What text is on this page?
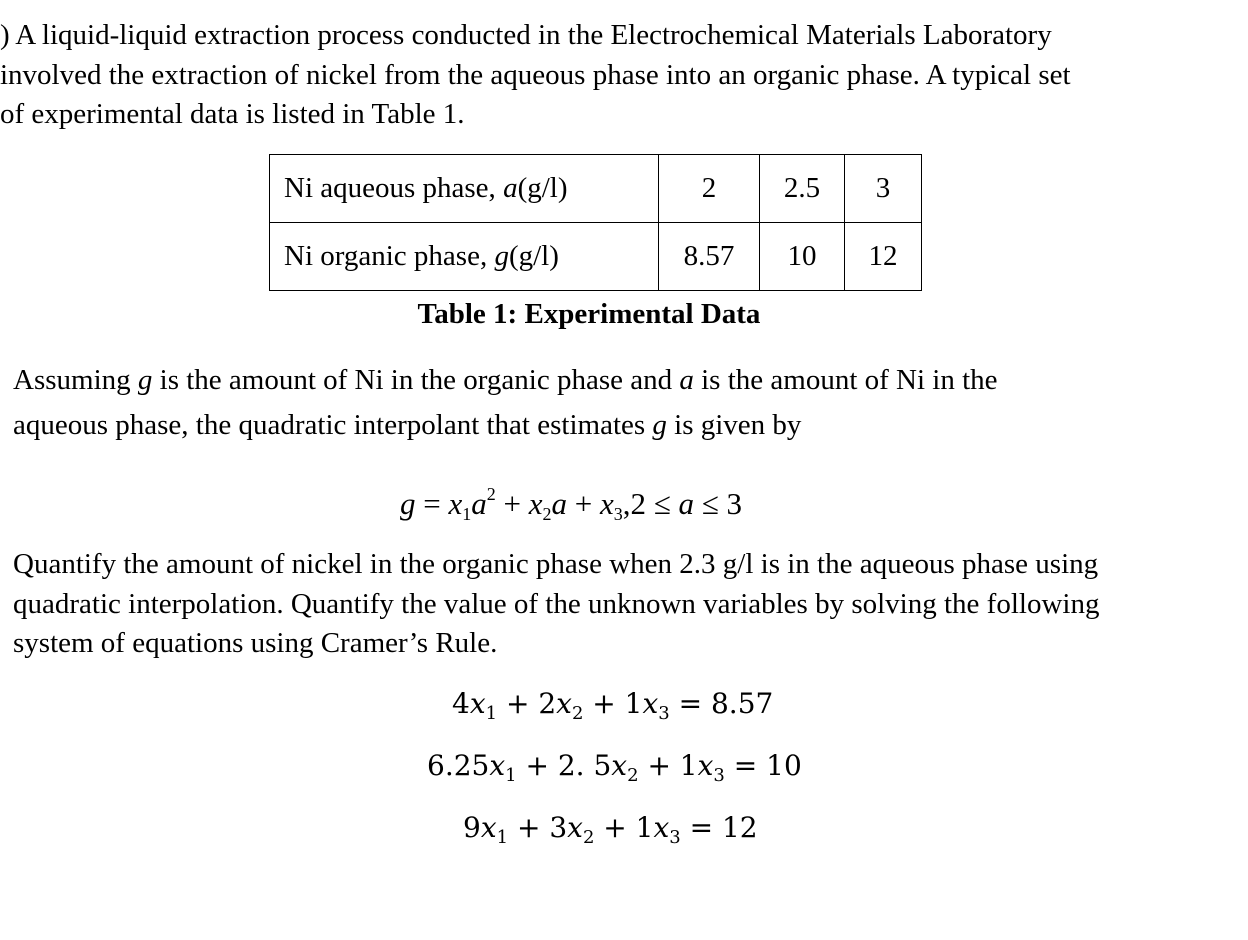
) A liquid-liquid extraction process conducted in the Electrochemical Materials Laboratory
involved the extraction of nickel from the aqueous phase into an organic phase. A typical set
of experimental data is listed in Table 1.
Ni aqueous phase, a(g/l)	2	2.5	3
Ni organic phase, g(g/l)	8.57	10	12
Table 1: Experimental Data
Assuming g is the amount of Ni in the organic phase and a is the amount of Ni in the
aqueous phase, the quadratic interpolant that estimates g is given by
$g = x_1a^2 + x_2a + x_3,2 \le a \le 3$
Quantify the amount of nickel in the organic phase when 2.3 g/l is in the aqueous phase using
quadratic interpolation. Quantify the value of the unknown variables by solving the following
system of equations using Cramer’s Rule.
$4x_1 + 2x_2 + 1x_3 = 8.57$
$6.25x_1 + 2$. $5x_2 + 1x_3 = 10$
$9x_1 + 3x_2 + 1x_3 = 12$
